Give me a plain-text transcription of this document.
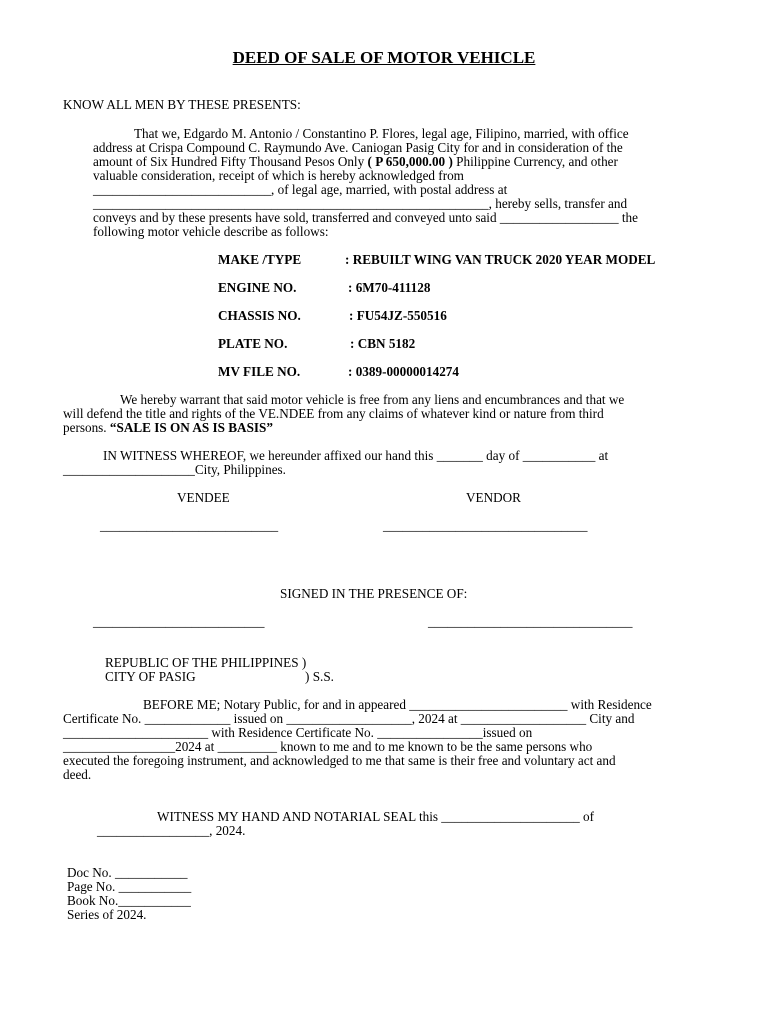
DEED OF SALE OF MOTOR VEHICLE
KNOW ALL MEN BY THESE PRESENTS:
That we, Edgardo M. Antonio / Constantino P. Flores, legal age, Filipino, married, with office
address at Crispa Compound C. Raymundo Ave. Caniogan Pasig City for and in consideration of the
amount of Six Hundred Fifty Thousand Pesos Only ( P 650,000.00 ) Philippine Currency, and other
valuable consideration, receipt of which is hereby acknowledged from
___________________________, of legal age, married, with postal address at
____________________________________________________________, hereby sells, transfer and
conveys and by these presents have sold, transferred and conveyed unto said __________________ the
following motor vehicle describe as follows:
MAKE /TYPE	: REBUILT WING VAN TRUCK 2020 YEAR MODEL
ENGINE NO.	: 6M70-411128
CHASSIS NO.	: FU54JZ-550516
PLATE NO.	: CBN 5182
MV FILE NO.	: 0389-00000014274
We hereby warrant that said motor vehicle is free from any liens and encumbrances and that we
will defend the title and rights of the VE.NDEE from any claims of whatever kind or nature from third
persons. “SALE IS ON AS IS BASIS”
IN WITNESS WHEREOF, we hereunder affixed our hand this _______ day of ___________ at
____________________City, Philippines.
VENDEE	VENDOR
___________________________	_______________________________
SIGNED IN THE PRESENCE OF:
__________________________	_______________________________
REPUBLIC OF THE PHILIPPINES )
CITY OF PASIG	) S.S.
BEFORE ME; Notary Public, for and in appeared ________________________ with Residence
Certificate No. _____________ issued on ___________________, 2024 at ___________________ City and
______________________ with Residence Certificate No. ________________issued on
_________________2024 at _________ known to me and to me known to be the same persons who
executed the foregoing instrument, and acknowledged to me that same is their free and voluntary act and
deed.
WITNESS MY HAND AND NOTARIAL SEAL this _____________________ of
_________________, 2024.
Doc No. ___________
Page No. ___________
Book No.___________
Series of 2024.
